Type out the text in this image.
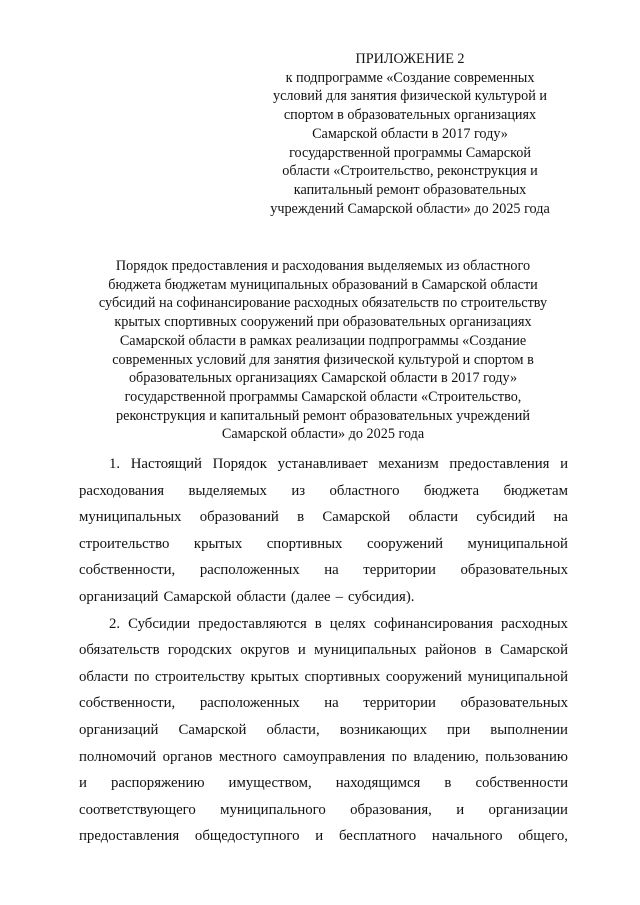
ПРИЛОЖЕНИЕ 2
к подпрограмме «Создание современных
условий для занятия физической культурой и
спортом в образовательных организациях
Самарской области в 2017 году»
государственной программы Самарской
области «Строительство, реконструкция и
капитальный ремонт образовательных
учреждений Самарской области» до 2025 года
Порядок предоставления и расходования выделяемых из областного
бюджета бюджетам муниципальных образований в Самарской области
субсидий на софинансирование расходных обязательств по строительству
крытых спортивных сооружений при образовательных организациях
Самарской области в рамках реализации подпрограммы «Создание
современных условий для занятия физической культурой и спортом в
образовательных организациях Самарской области в 2017 году»
государственной программы Самарской области «Строительство,
реконструкция и капитальный ремонт образовательных учреждений
Самарской области» до 2025 года
1. Настоящий Порядок устанавливает механизм предоставления и
расходования выделяемых из областного бюджета бюджетам
муниципальных образований в Самарской области субсидий на
строительство крытых спортивных сооружений муниципальной
собственности, расположенных на территории образовательных
организаций Самарской области (далее – субсидия).
2. Субсидии предоставляются в целях софинансирования расходных
обязательств городских округов и муниципальных районов в Самарской
области по строительству крытых спортивных сооружений муниципальной
собственности, расположенных на территории образовательных
организаций Самарской области, возникающих при выполнении
полномочий органов местного самоуправления по владению, пользованию
и распоряжению имуществом, находящимся в собственности
соответствующего муниципального образования, и организации
предоставления общедоступного и бесплатного начального общего,
